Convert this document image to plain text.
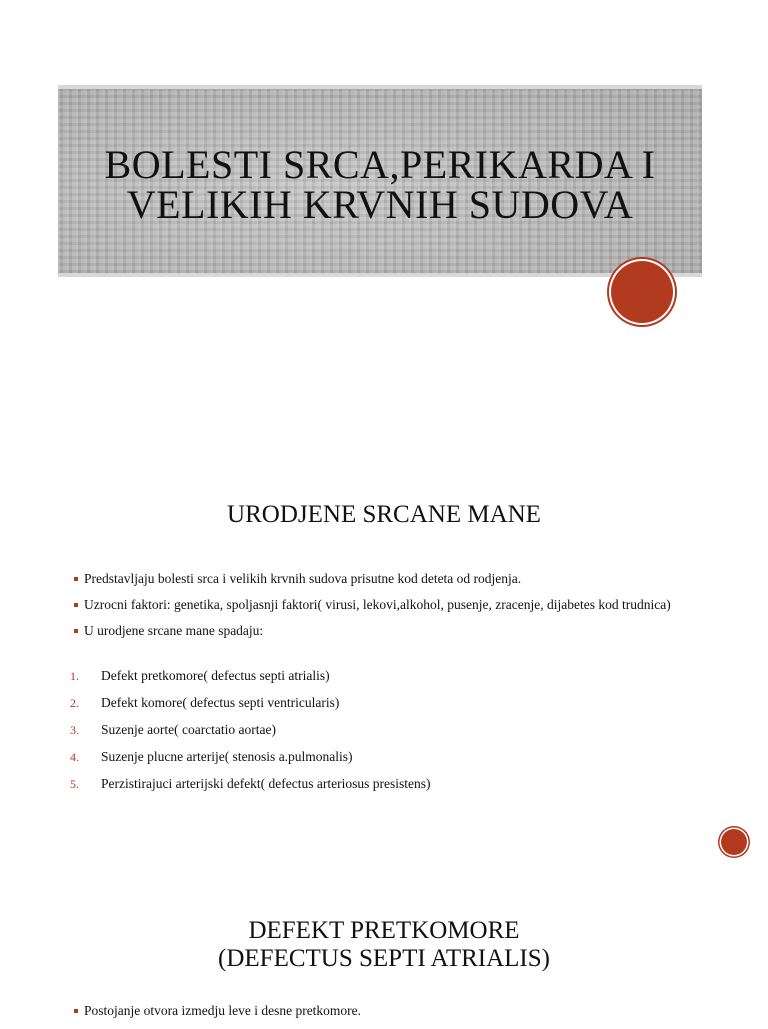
BOLESTI SRCA,PERIKARDA I
VELIKIH KRVNIH SUDOVA
URODJENE SRCANE MANE
Predstavljaju bolesti srca i velikih krvnih sudova prisutne kod deteta od rodjenja.
Uzrocni faktori: genetika, spoljasnji faktori( virusi, lekovi,alkohol, pusenje, zracenje, dijabetes kod trudnica)
U urodjene srcane mane spadaju:
1.	Defekt pretkomore( defectus septi atrialis)
2.	Defekt komore( defectus septi ventricularis)
3.	Suzenje aorte( coarctatio aortae)
4.	Suzenje plucne arterije( stenosis a.pulmonalis)
5.	Perzistirajuci arterijski defekt( defectus arteriosus presistens)
DEFEKT PRETKOMORE
(DEFECTUS SEPTI ATRIALIS)
Postojanje otvora izmedju leve i desne pretkomore.
